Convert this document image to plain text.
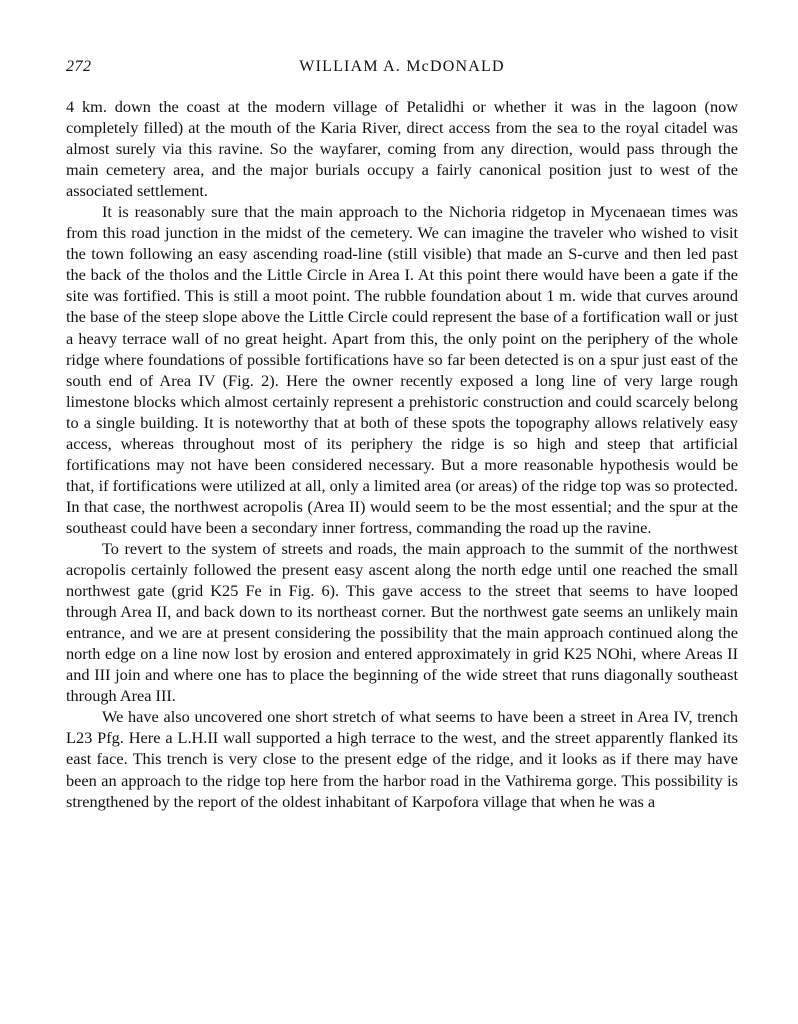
272	WILLIAM A. McDONALD

4 km. down the coast at the modern village of Petalidhi or whether it was in the lagoon (now completely filled) at the mouth of the Karia River, direct access from the sea to the royal citadel was almost surely via this ravine. So the wayfarer, coming from any direction, would pass through the main cemetery area, and the major burials occupy a fairly canonical position just to west of the associated settlement.

It is reasonably sure that the main approach to the Nichoria ridgetop in Mycenaean times was from this road junction in the midst of the cemetery. We can imagine the traveler who wished to visit the town following an easy ascending road-line (still visible) that made an S-curve and then led past the back of the tholos and the Little Circle in Area I. At this point there would have been a gate if the site was fortified. This is still a moot point. The rubble foundation about 1 m. wide that curves around the base of the steep slope above the Little Circle could represent the base of a fortification wall or just a heavy terrace wall of no great height. Apart from this, the only point on the periphery of the whole ridge where foundations of possible fortifications have so far been detected is on a spur just east of the south end of Area IV (Fig. 2). Here the owner recently exposed a long line of very large rough limestone blocks which almost certainly represent a prehistoric construction and could scarcely belong to a single building. It is noteworthy that at both of these spots the topography allows relatively easy access, whereas throughout most of its periphery the ridge is so high and steep that artificial fortifications may not have been considered necessary. But a more reasonable hypothesis would be that, if fortifications were utilized at all, only a limited area (or areas) of the ridge top was so protected. In that case, the northwest acropolis (Area II) would seem to be the most essential; and the spur at the southeast could have been a secondary inner fortress, commanding the road up the ravine.

To revert to the system of streets and roads, the main approach to the summit of the northwest acropolis certainly followed the present easy ascent along the north edge until one reached the small northwest gate (grid K25 Fe in Fig. 6). This gave access to the street that seems to have looped through Area II, and back down to its northeast corner. But the northwest gate seems an unlikely main entrance, and we are at present considering the possibility that the main approach continued along the north edge on a line now lost by erosion and entered approximately in grid K25 NOhi, where Areas II and III join and where one has to place the beginning of the wide street that runs diagonally southeast through Area III.

We have also uncovered one short stretch of what seems to have been a street in Area IV, trench L23 Pfg. Here a L.H.II wall supported a high terrace to the west, and the street apparently flanked its east face. This trench is very close to the present edge of the ridge, and it looks as if there may have been an approach to the ridge top here from the harbor road in the Vathirema gorge. This possibility is strengthened by the report of the oldest inhabitant of Karpofora village that when he was a
